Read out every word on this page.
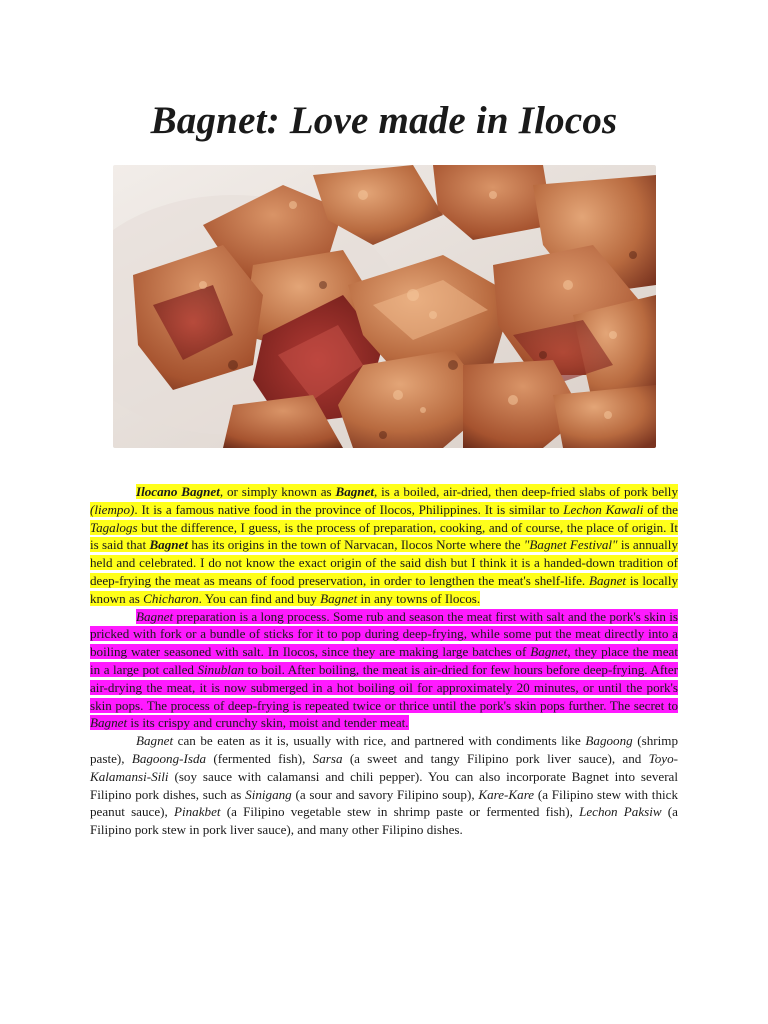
Bagnet: Love made in Ilocos

Ilocano Bagnet, or simply known as Bagnet, is a boiled, air-dried, then deep-fried slabs of pork belly (liempo). It is a famous native food in the province of Ilocos, Philippines. It is similar to Lechon Kawali of the Tagalogs but the difference, I guess, is the process of preparation, cooking, and of course, the place of origin. It is said that Bagnet has its origins in the town of Narvacan, Ilocos Norte where the "Bagnet Festival" is annually held and celebrated. I do not know the exact origin of the said dish but I think it is a handed-down tradition of deep-frying the meat as means of food preservation, in order to lengthen the meat's shelf-life. Bagnet is locally known as Chicharon. You can find and buy Bagnet in any towns of Ilocos.

Bagnet preparation is a long process. Some rub and season the meat first with salt and the pork's skin is pricked with fork or a bundle of sticks for it to pop during deep-frying, while some put the meat directly into a boiling water seasoned with salt. In Ilocos, since they are making large batches of Bagnet, they place the meat in a large pot called Sinublan to boil. After boiling, the meat is air-dried for few hours before deep-frying. After air-drying the meat, it is now submerged in a hot boiling oil for approximately 20 minutes, or until the pork's skin pops. The process of deep-frying is repeated twice or thrice until the pork's skin pops further. The secret to Bagnet is its crispy and crunchy skin, moist and tender meat.

Bagnet can be eaten as it is, usually with rice, and partnered with condiments like Bagoong (shrimp paste), Bagoong-Isda (fermented fish), Sarsa (a sweet and tangy Filipino pork liver sauce), and Toyo-Kalamansi-Sili (soy sauce with calamansi and chili pepper). You can also incorporate Bagnet into several Filipino pork dishes, such as Sinigang (a sour and savory Filipino soup), Kare-Kare (a Filipino stew with thick peanut sauce), Pinakbet (a Filipino vegetable stew in shrimp paste or fermented fish), Lechon Paksiw (a Filipino pork stew in pork liver sauce), and many other Filipino dishes.
